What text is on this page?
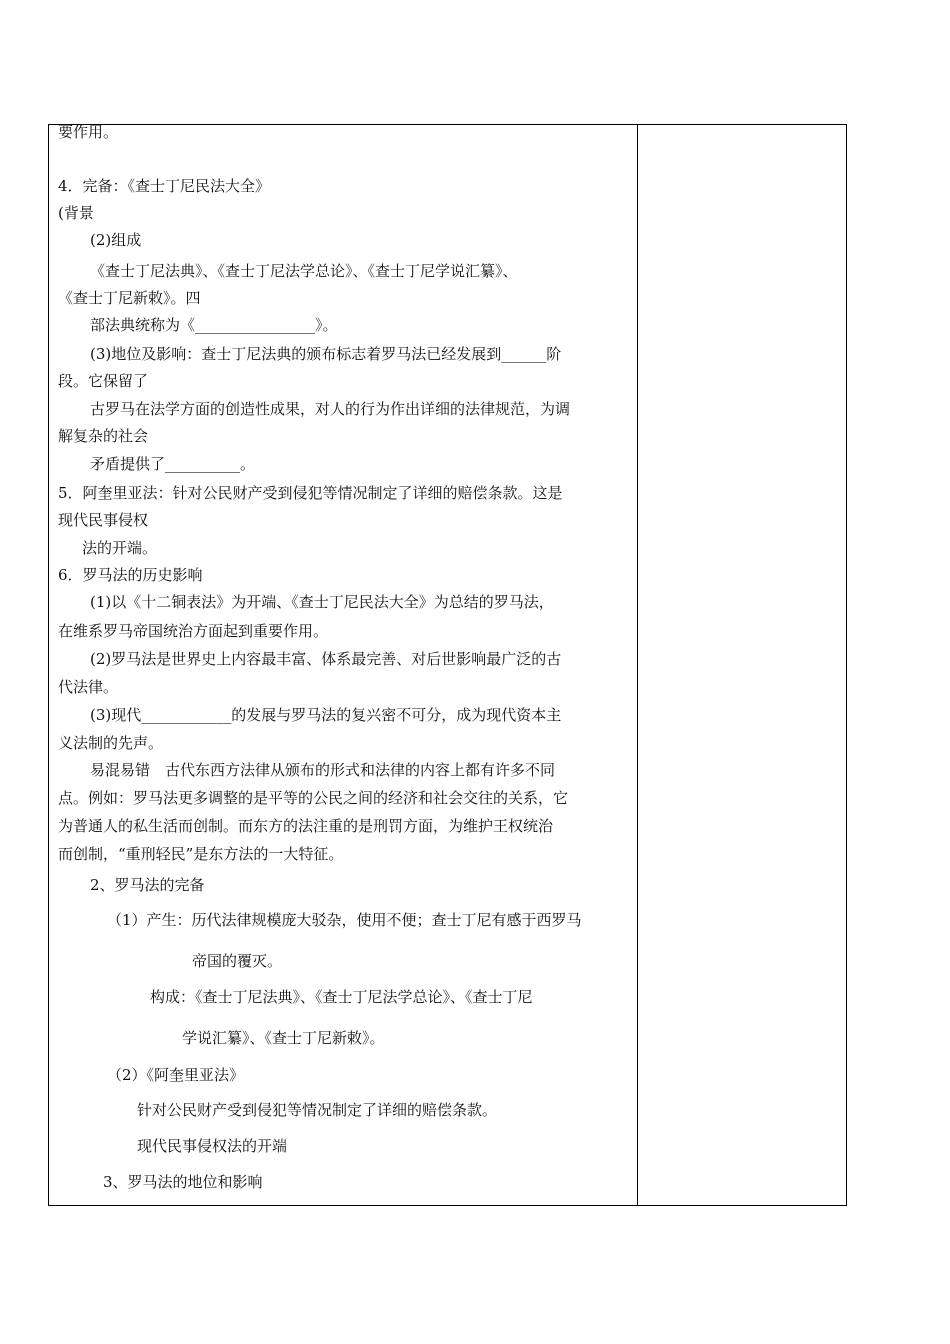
要作用。
4．完备：《查士丁尼民法大全》
(背景
(2)组成
《查士丁尼法典》、《查士丁尼法学总论》、《查士丁尼学说汇纂》、
《查士丁尼新敕》。四
部法典统称为《________________》。
(3)地位及影响：查士丁尼法典的颁布标志着罗马法已经发展到______阶
段。它保留了
古罗马在法学方面的创造性成果，对人的行为作出详细的法律规范，为调
解复杂的社会
矛盾提供了__________。
5．阿奎里亚法：针对公民财产受到侵犯等情况制定了详细的赔偿条款。这是
现代民事侵权
法的开端。
6．罗马法的历史影响
(1)以《十二铜表法》为开端、《查士丁尼民法大全》为总结的罗马法，
在维系罗马帝国统治方面起到重要作用。
(2)罗马法是世界史上内容最丰富、体系最完善、对后世影响最广泛的古
代法律。
(3)现代____________的发展与罗马法的复兴密不可分，成为现代资本主
义法制的先声。
易混易错　古代东西方法律从颁布的形式和法律的内容上都有许多不同
点。例如：罗马法更多调整的是平等的公民之间的经济和社会交往的关系，它
为普通人的私生活而创制。而东方的法注重的是刑罚方面，为维护王权统治
而创制，“重刑轻民”是东方法的一大特征。
2、罗马法的完备
（1）产生：历代法律规模庞大驳杂，使用不便；查士丁尼有感于西罗马
帝国的覆灭。
构成：《查士丁尼法典》、《查士丁尼法学总论》、《查士丁尼
学说汇纂》、《查士丁尼新敕》。
（2）《阿奎里亚法》
针对公民财产受到侵犯等情况制定了详细的赔偿条款。
现代民事侵权法的开端
3、罗马法的地位和影响
